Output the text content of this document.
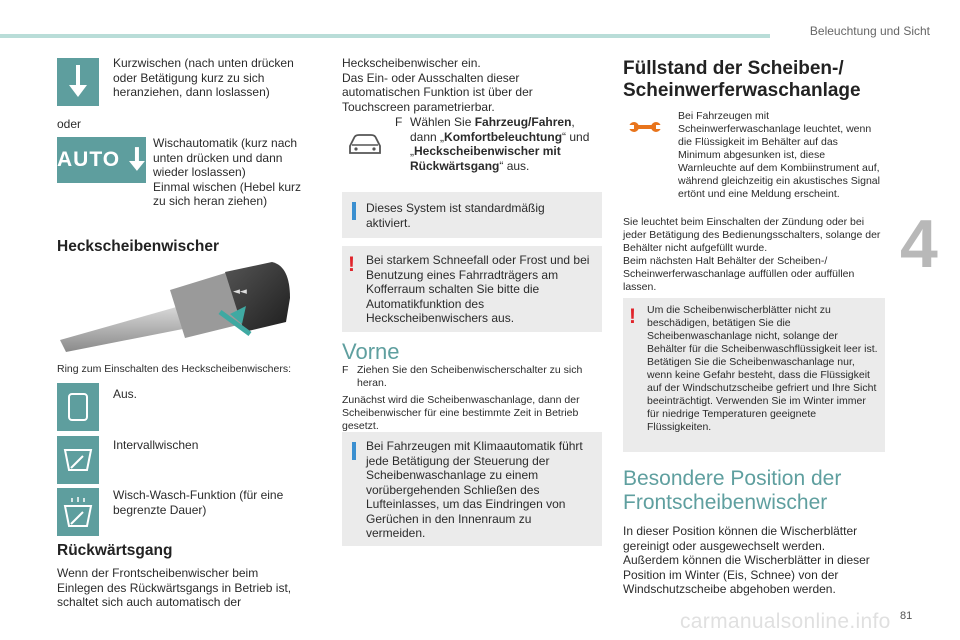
Beleuchtung und Sicht
4
81
carmanualsonline.info
Kurzwischen (nach unten drücken oder Betätigung kurz zu sich heranziehen, dann loslassen)
oder
AUTO
Wischautomatik (kurz nach unten drücken und dann wieder loslassen)
Einmal wischen (Hebel kurz zu sich heran ziehen)
Heckscheibenwischer
◄◄
Ring zum Einschalten des Heckscheibenwischers:
Aus.
Intervallwischen
Wisch-Wasch-Funktion (für eine begrenzte Dauer)
Rückwärtsgang
Wenn der Frontscheibenwischer beim Einlegen des Rückwärtsgangs in Betrieb ist, schaltet sich auch automatisch der
Heckscheibenwischer ein.
Das Ein- oder Ausschalten dieser automatischen Funktion ist über der Touchscreen parametrierbar.
F Wählen Sie Fahrzeug/Fahren, dann „Komfortbeleuchtung“ und „Heckscheibenwischer mit Rückwärtsgang“ aus.
Dieses System ist standardmäßig aktiviert.
! Bei starkem Schneefall oder Frost und bei Benutzung eines Fahrradträgers am Kofferraum schalten Sie bitte die Automatikfunktion des Heckscheibenwischers aus.
Vorne
F Ziehen Sie den Scheibenwischerschalter zu sich heran.
Zunächst wird die Scheibenwaschanlage, dann der Scheibenwischer für eine bestimmte Zeit in Betrieb gesetzt.
Bei Fahrzeugen mit Klimaautomatik führt jede Betätigung der Steuerung der Scheibenwaschanlage zu einem vorübergehenden Schließen des Lufteinlasses, um das Eindringen von Gerüchen in den Innenraum zu vermeiden.
Füllstand der Scheiben-/
Scheinwerferwaschanlage
Bei Fahrzeugen mit Scheinwerferwaschanlage leuchtet, wenn die Flüssigkeit im Behälter auf das Minimum abgesunken ist, diese Warnleuchte auf dem Kombiinstrument auf, während gleichzeitig ein akustisches Signal ertönt und eine Meldung erscheint.
Sie leuchtet beim Einschalten der Zündung oder bei jeder Betätigung des Bedienungsschalters, solange der Behälter nicht aufgefüllt wurde.
Beim nächsten Halt Behälter der Scheiben-/ Scheinwerferwaschanlage auffüllen oder auffüllen lassen.
! Um die Scheibenwischerblätter nicht zu beschädigen, betätigen Sie die Scheibenwaschanlage nicht, solange der Behälter für die Scheibenwaschflüssigkeit leer ist.
Betätigen Sie die Scheibenwaschanlage nur, wenn keine Gefahr besteht, dass die Flüssigkeit auf der Windschutzscheibe gefriert und Ihre Sicht beeinträchtigt. Verwenden Sie im Winter immer für niedrige Temperaturen geeignete Flüssigkeiten.
Besondere Position der
Frontscheibenwischer
In dieser Position können die Wischerblätter gereinigt oder ausgewechselt werden.
Außerdem können die Wischerblätter in dieser Position im Winter (Eis, Schnee) von der Windschutzscheibe abgehoben werden.
